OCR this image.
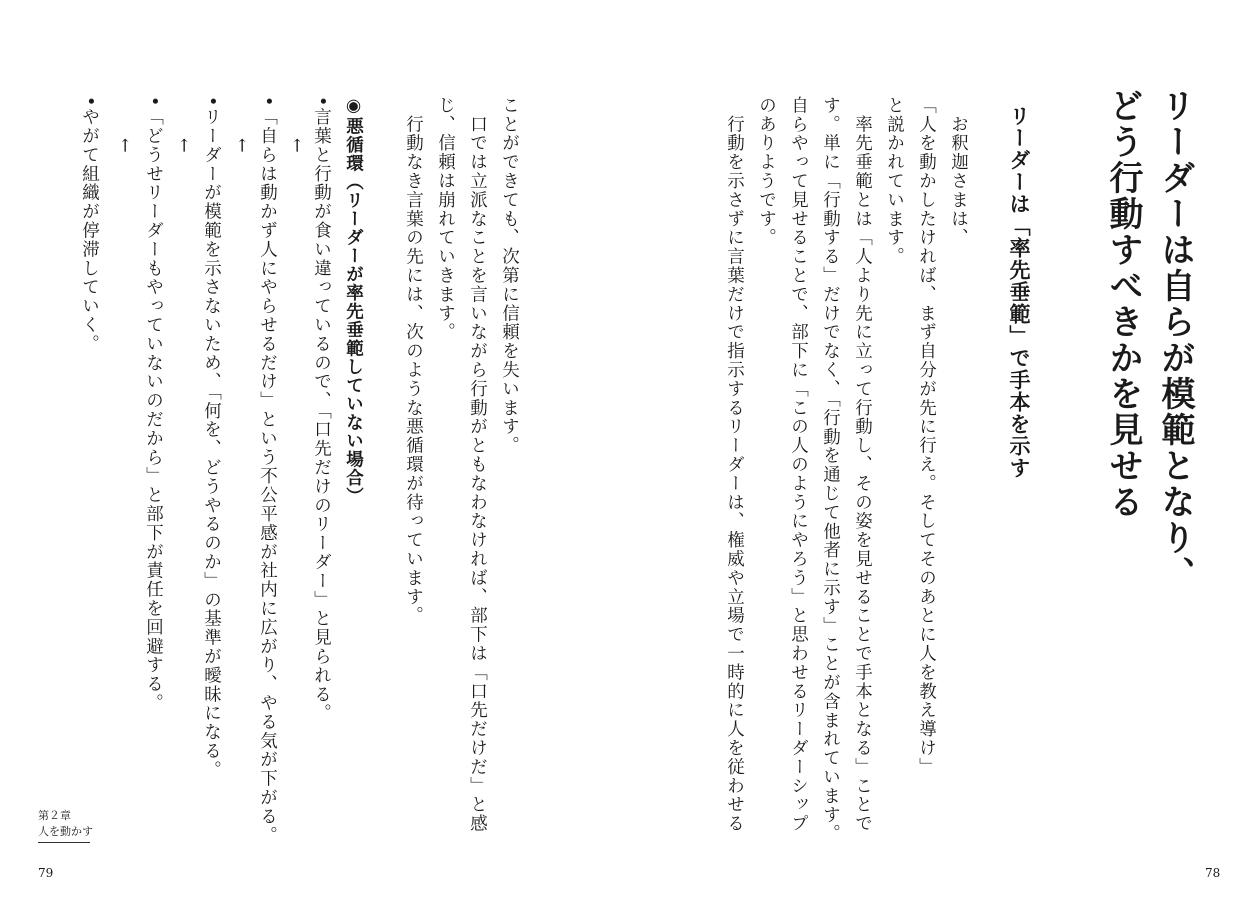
リーダーは自らが模範となり、
どう行動すべきかを見せる
リーダーは「率先垂範」で手本を示す
　お釈迦さまは、
「人を動かしたければ、まず自分が先に行え。そしてそのあとに人を教え導け」
と説かれています。
　率先垂範とは「人より先に立って行動し、その姿を見せることで手本となる」ことで
す。単に「行動する」だけでなく、「行動を通じて他者に示す」ことが含まれています。
自らやって見せることで、部下に「この人のようにやろう」と思わせるリーダーシップ
のありようです。
　行動を示さずに言葉だけで指示するリーダーは、権威や立場で一時的に人を従わせる
78
ことができても、次第に信頼を失います。
　口では立派なことを言いながら行動がともなわなければ、部下は「口先だけだ」と感
じ、信頼は崩れていきます。
　行動なき言葉の先には、次のような悪循環が待っています。
◉悪循環（リーダーが率先垂範していない場合）
•言葉と行動が食い違っているので、「口先だけのリーダー」と見られる。
←
•「自らは動かず人にやらせるだけ」という不公平感が社内に広がり、やる気が下がる。
←
•リーダーが模範を示さないため、「何を、どうやるのか」の基準が曖昧になる。
←
•「どうせリーダーもやっていないのだから」と部下が責任を回避する。
←
•やがて組織が停滞していく。
第２章
人を動かす
79
